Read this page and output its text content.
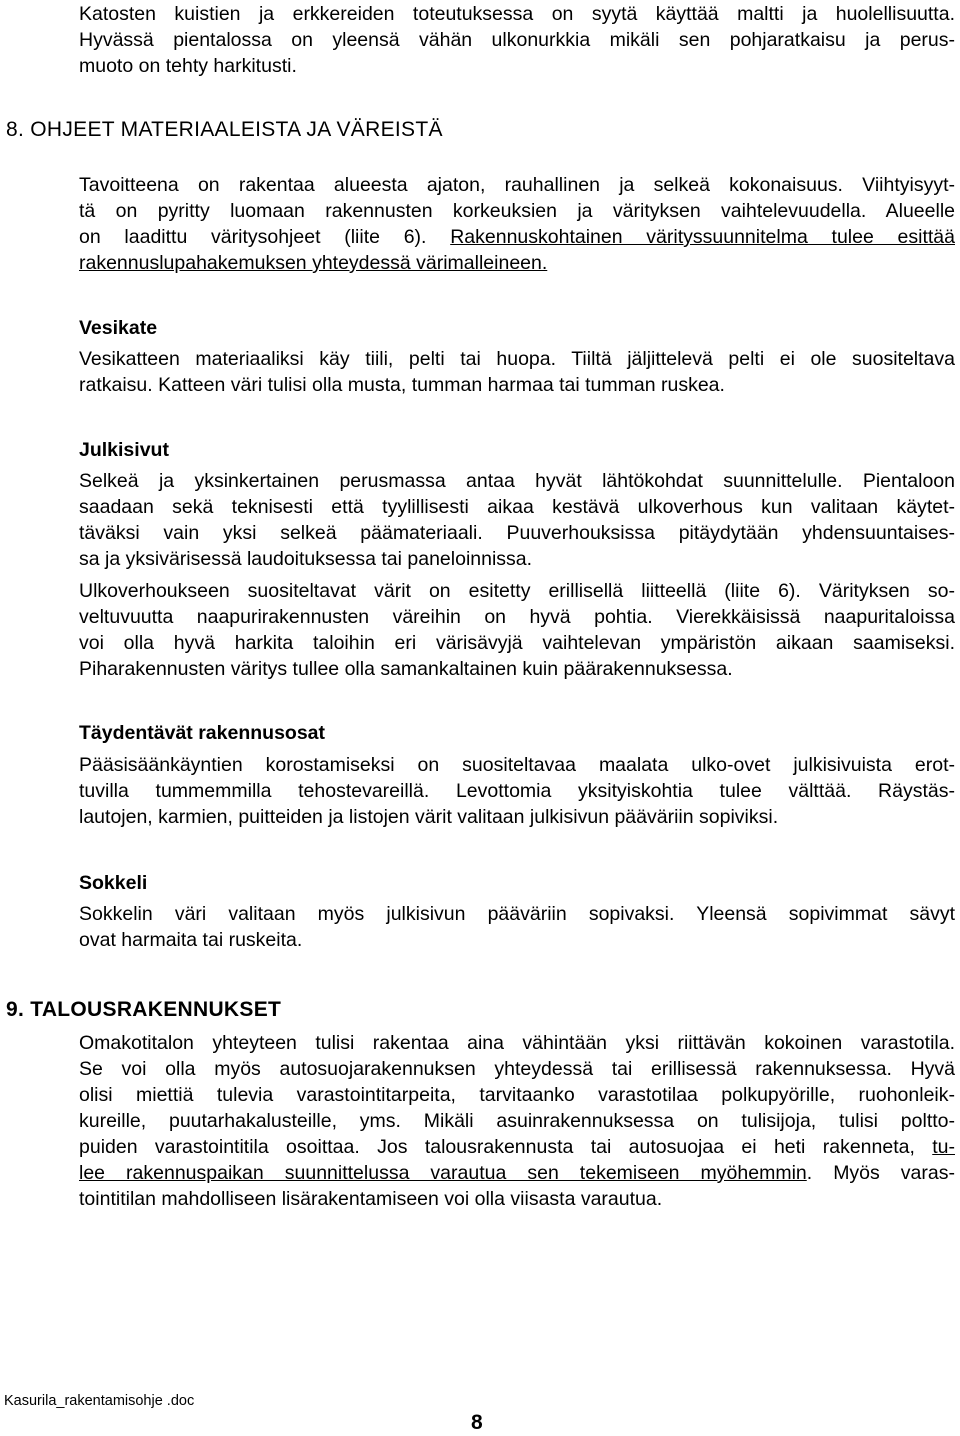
Katosten kuistien ja erkkereiden toteutuksessa on syytä käyttää maltti ja huolellisuutta.

Hyvässä pientalossa on yleensä vähän ulkonurkkia mikäli sen pohjaratkaisu ja perus-

muoto on tehty harkitusti.

8. OHJEET MATERIAALEISTA JA VÄREISTÄ

Tavoitteena on rakentaa alueesta ajaton, rauhallinen ja selkeä kokonaisuus. Viihtyisyyt-

tä on pyritty luomaan rakennusten korkeuksien ja värityksen vaihtelevuudella. Alueelle

on laadittu väritysohjeet (liite 6). Rakennuskohtainen värityssuunnitelma tulee esittää

rakennuslupahakemuksen yhteydessä värimalleineen.

Vesikate

Vesikatteen materiaaliksi käy tiili, pelti tai huopa. Tiiltä jäljittelevä pelti ei ole suositeltava

ratkaisu. Katteen väri tulisi olla musta, tumman harmaa tai tumman ruskea.

Julkisivut

Selkeä ja yksinkertainen perusmassa antaa hyvät lähtökohdat suunnittelulle. Pientaloon

saadaan sekä teknisesti että tyylillisesti aikaa kestävä ulkoverhous kun valitaan käytet-

täväksi vain yksi selkeä päämateriaali. Puuverhouksissa pitäydytään yhdensuuntaises-

sa ja yksivärisessä laudoituksessa tai paneloinnissa.

Ulkoverhoukseen suositeltavat värit on esitetty erillisellä liitteellä (liite 6). Värityksen so-

veltuvuutta naapurirakennusten väreihin on hyvä pohtia. Vierekkäisissä naapuritaloissa

voi olla hyvä harkita taloihin eri värisävyjä vaihtelevan ympäristön aikaan saamiseksi.

Piharakennusten väritys tullee olla samankaltainen kuin päärakennuksessa.

Täydentävät rakennusosat

Pääsisäänkäyntien korostamiseksi on suositeltavaa maalata ulko-ovet julkisivuista erot-

tuvilla tummemmilla tehostevareillä. Levottomia yksityiskohtia tulee välttää. Räystäs-

lautojen, karmien, puitteiden ja listojen värit valitaan julkisivun pääväriin sopiviksi.

Sokkeli

Sokkelin väri valitaan myös julkisivun pääväriin sopivaksi. Yleensä sopivimmat sävyt

ovat harmaita tai ruskeita.

9. TALOUSRAKENNUKSET

Omakotitalon yhteyteen tulisi rakentaa aina vähintään yksi riittävän kokoinen varastotila.

Se voi olla myös autosuojarakennuksen yhteydessä tai erillisessä rakennuksessa. Hyvä

olisi miettiä tulevia varastointitarpeita, tarvitaanko varastotilaa polkupyörille, ruohonleik-

kureille, puutarhakalusteille, yms. Mikäli asuinrakennuksessa on tulisijoja, tulisi poltto-

puiden varastointitila osoittaa. Jos talousrakennusta tai autosuojaa ei heti rakenneta, tu-

lee rakennuspaikan suunnittelussa varautua sen tekemiseen myöhemmin. Myös varas-

tointitilan mahdolliseen lisärakentamiseen voi olla viisasta varautua.

Kasurila_rakentamisohje .doc

8
